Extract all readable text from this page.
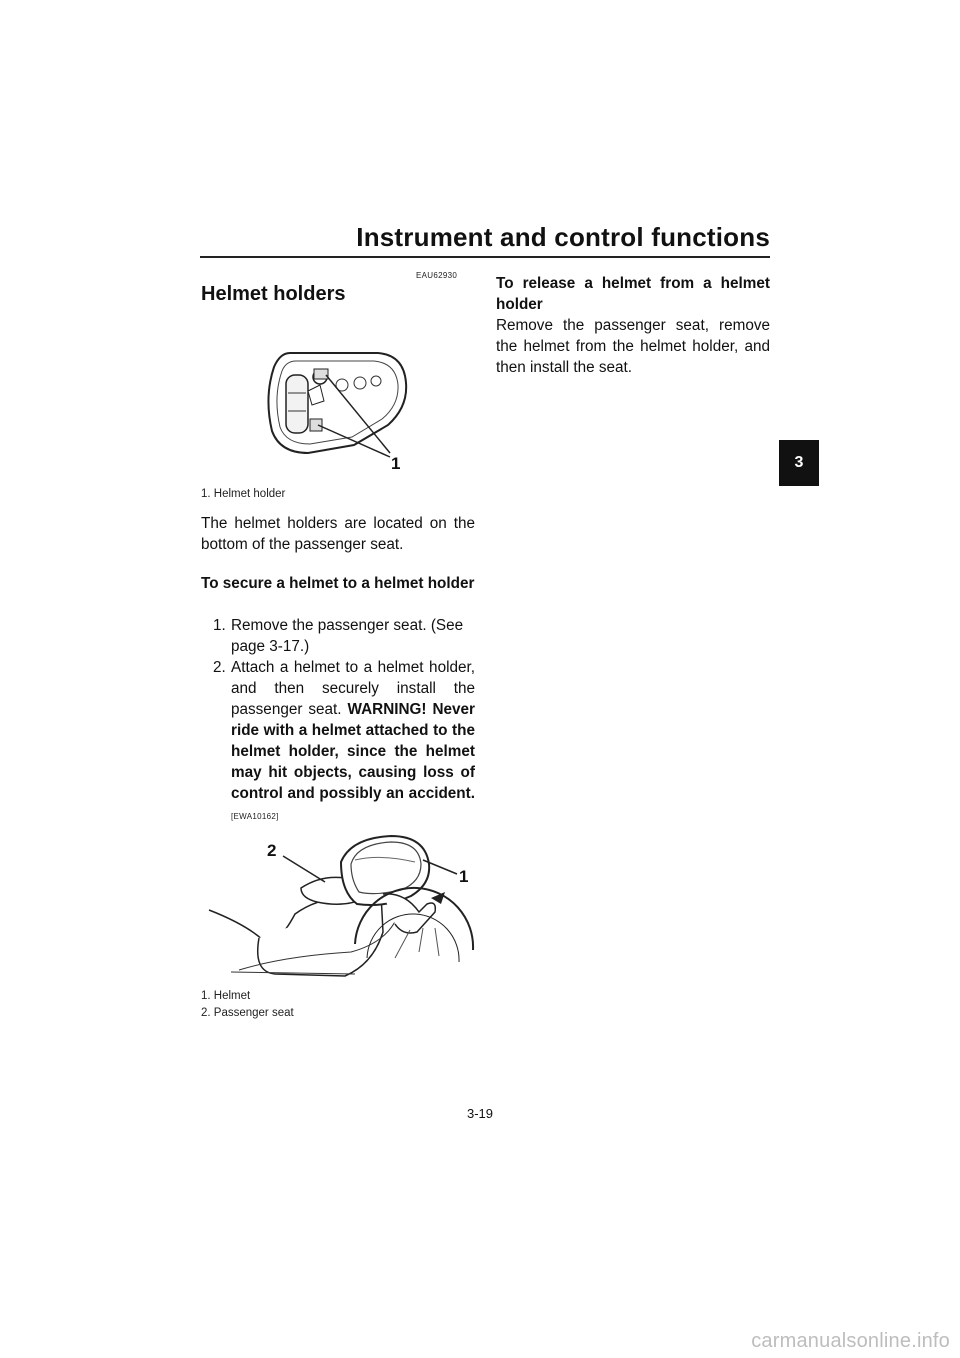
Instrument and control functions
3
EAU62930
Helmet holders
1
1. Helmet holder
The helmet holders are located on the bottom of the passenger seat.
To secure a helmet to a helmet holder
1. Remove the passenger seat. (See page 3-17.)
2. Attach a helmet to a helmet holder, and then securely install the passenger seat. WARNING! Never ride with a helmet attached to the helmet holder, since the helmet may hit objects, causing loss of control and possibly an accident. [EWA10162]
1
2
1. Helmet
2. Passenger seat
To release a helmet from a helmet holder
Remove the passenger seat, remove the helmet from the helmet holder, and then install the seat.
3-19
carmanualsonline.info
